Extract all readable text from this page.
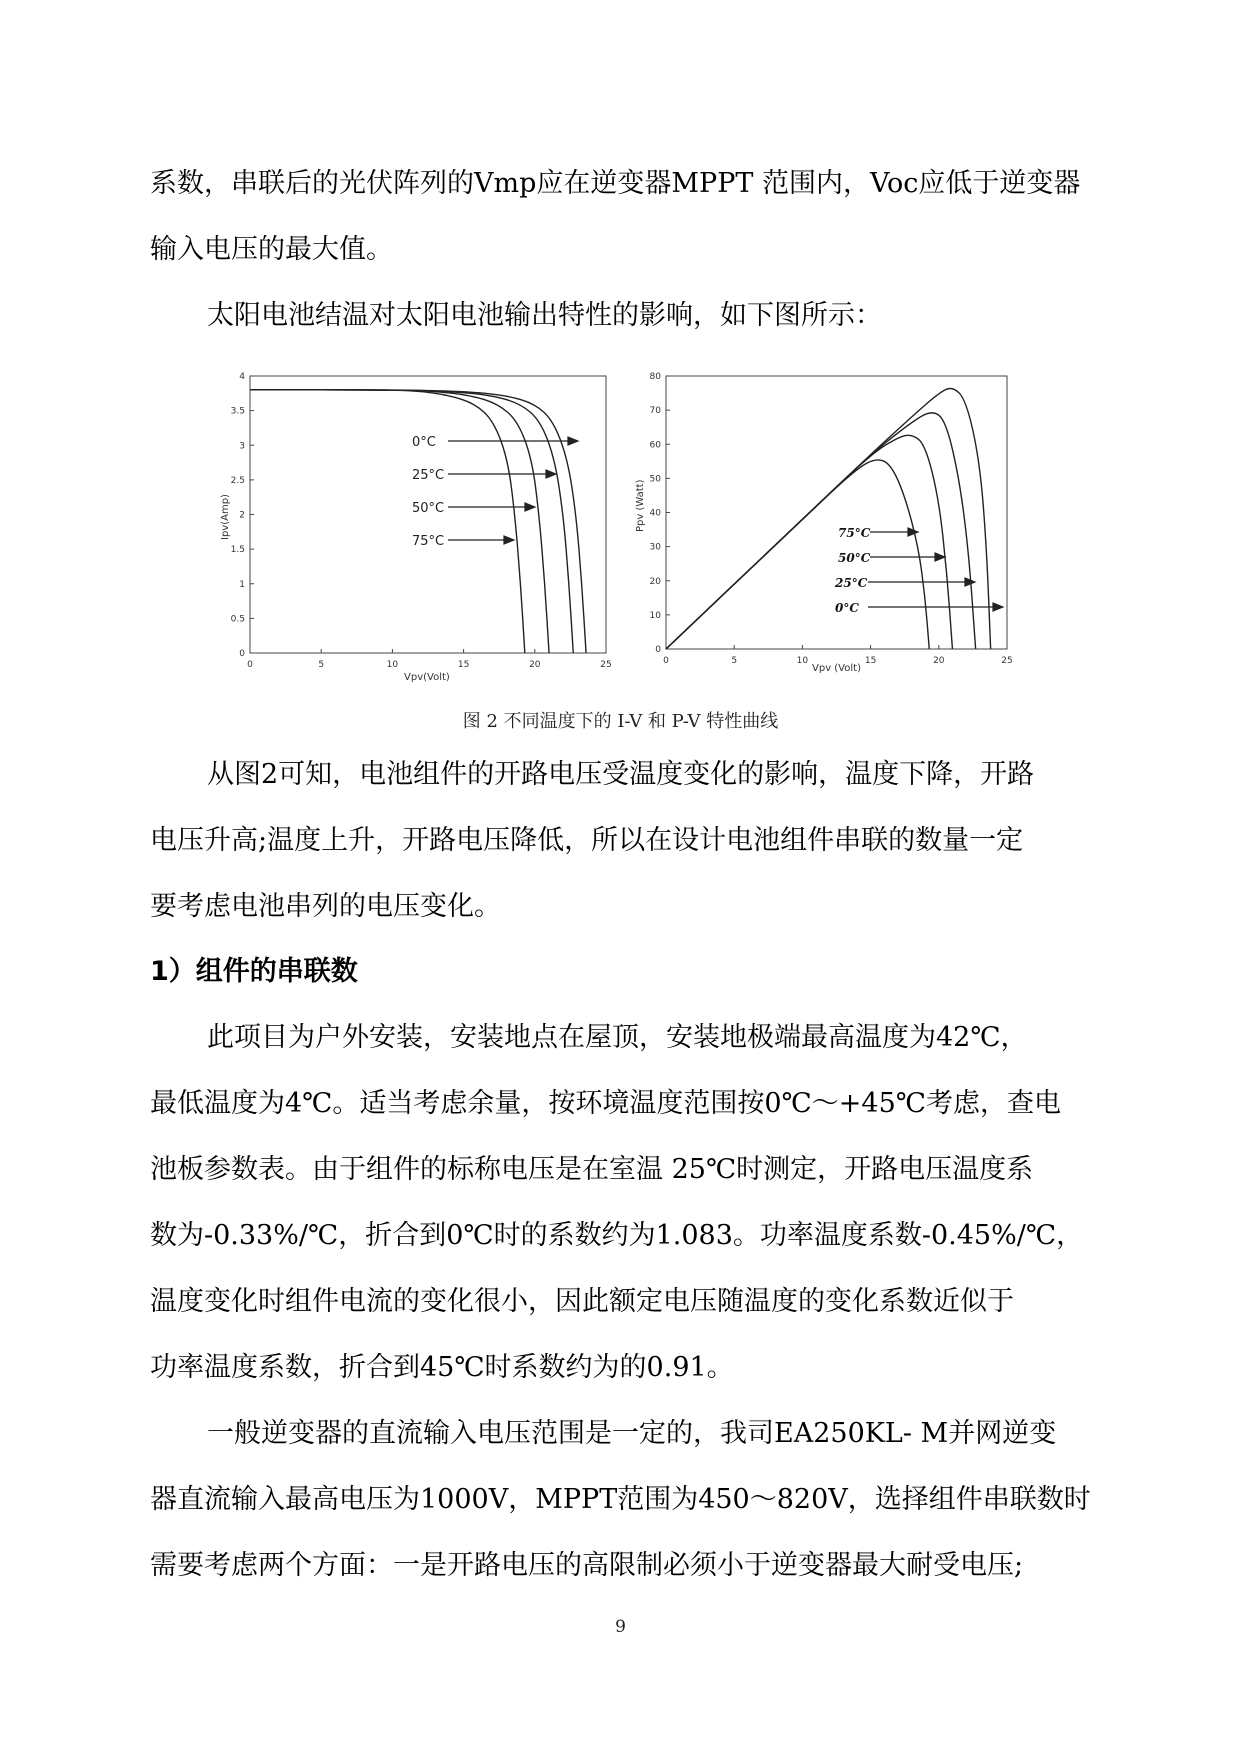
系数，串联后的光伏阵列的Vmp应在逆变器MPPT 范围内，Voc应低于逆变器
输入电压的最大值。
太阳电池结温对太阳电池输出特性的影响，如下图所示：
0	5	10	15	20	25
0
0.5
1
1.5
2
2.5
3
3.5
4
Vpv(Volt)
Ipv(Amp)
0°C
25°C
50°C
75°C
0	5	10	15	20	25
0
10
20
30
40
50
60
70
80
Vpv (Volt)
Ppv (Watt)
75°C
50°C
25°C
0°C
图 2 不同温度下的 I-V 和 P-V 特性曲线
从图2可知，电池组件的开路电压受温度变化的影响，温度下降，开路
电压升高;温度上升，开路电压降低，所以在设计电池组件串联的数量一定
要考虑电池串列的电压变化。
1）组件的串联数
此项目为户外安装，安装地点在屋顶，安装地极端最高温度为42℃，
最低温度为4℃。适当考虑余量，按环境温度范围按0℃～+45℃考虑，查电
池板参数表。由于组件的标称电压是在室温 25℃时测定，开路电压温度系
数为-0.33%/℃，折合到0℃时的系数约为1.083。功率温度系数-0.45%/℃，
温度变化时组件电流的变化很小，因此额定电压随温度的变化系数近似于
功率温度系数，折合到45℃时系数约为的0.91。
一般逆变器的直流输入电压范围是一定的，我司EA250KL- M并网逆变
器直流输入最高电压为1000V，MPPT范围为450～820V，选择组件串联数时
需要考虑两个方面：一是开路电压的高限制必须小于逆变器最大耐受电压;
9
